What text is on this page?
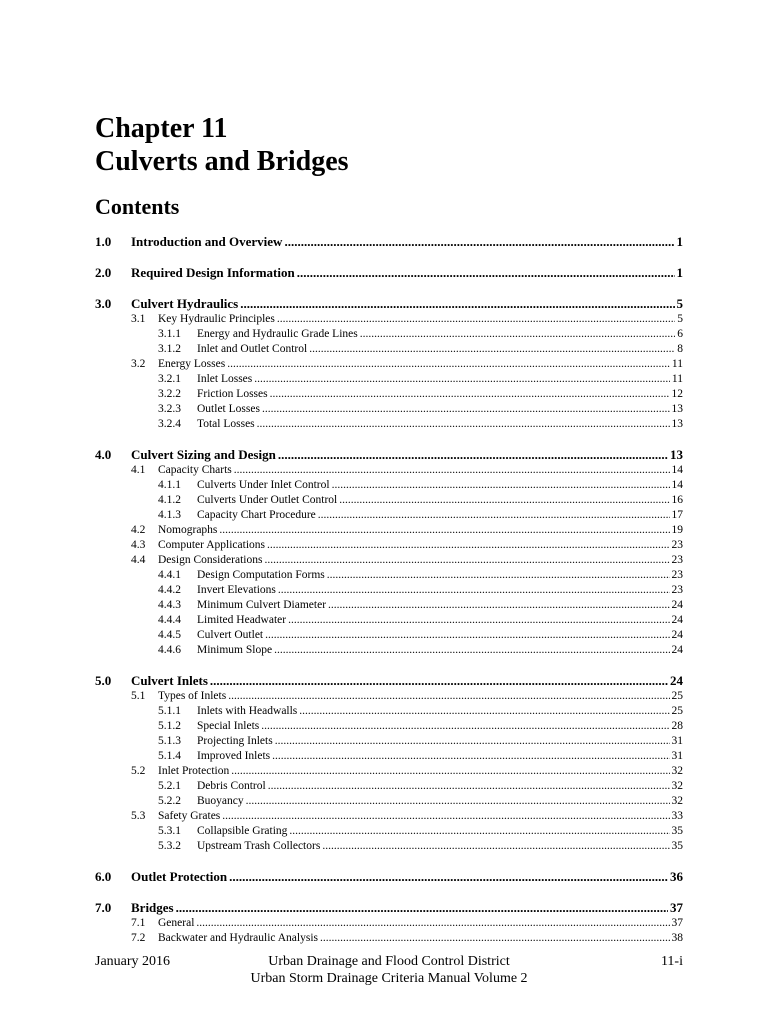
Chapter 11
Culverts and Bridges
Contents
1.0	Introduction and Overview .....	1
2.0	Required Design Information .....	1
3.0	Culvert Hydraulics .....	5
3.1	Key Hydraulic Principles .....	5
3.1.1	Energy and Hydraulic Grade Lines .....	6
3.1.2	Inlet and Outlet Control .....	8
3.2	Energy Losses .....	11
3.2.1	Inlet Losses .....	11
3.2.2	Friction Losses .....	12
3.2.3	Outlet Losses .....	13
3.2.4	Total Losses .....	13
4.0	Culvert Sizing and Design .....	13
4.1	Capacity Charts .....	14
4.1.1	Culverts Under Inlet Control .....	14
4.1.2	Culverts Under Outlet Control .....	16
4.1.3	Capacity Chart Procedure .....	17
4.2	Nomographs .....	19
4.3	Computer Applications .....	23
4.4	Design Considerations .....	23
4.4.1	Design Computation Forms .....	23
4.4.2	Invert Elevations .....	23
4.4.3	Minimum Culvert Diameter .....	24
4.4.4	Limited Headwater .....	24
4.4.5	Culvert Outlet .....	24
4.4.6	Minimum Slope .....	24
5.0	Culvert Inlets .....	24
5.1	Types of Inlets .....	25
5.1.1	Inlets with Headwalls .....	25
5.1.2	Special Inlets .....	28
5.1.3	Projecting Inlets .....	31
5.1.4	Improved Inlets .....	31
5.2	Inlet Protection .....	32
5.2.1	Debris Control .....	32
5.2.2	Buoyancy .....	32
5.3	Safety Grates .....	33
5.3.1	Collapsible Grating .....	35
5.3.2	Upstream Trash Collectors .....	35
6.0	Outlet Protection .....	36
7.0	Bridges .....	37
7.1	General .....	37
7.2	Backwater and Hydraulic Analysis .....	38
January 2016	Urban Drainage and Flood Control District
Urban Storm Drainage Criteria Manual Volume 2
11-i
